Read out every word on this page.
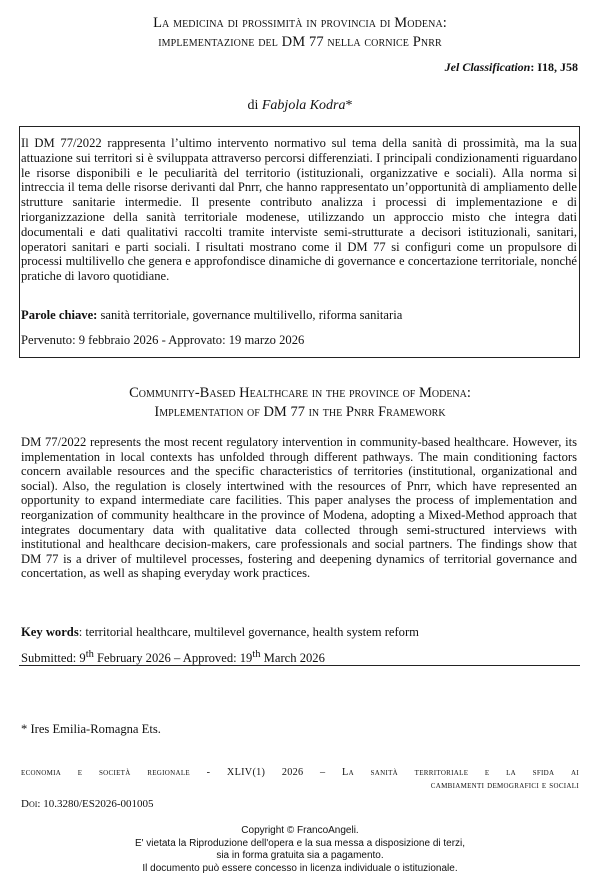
La medicina di prossimità in provincia di Modena:
implementazione del DM 77 nella cornice Pnrr
Jel Classification: I18, J58
di Fabjola Kodra*

Il DM 77/2022 rappresenta l’ultimo intervento normativo sul tema della sanità di prossimità, ma la sua attuazione sui territori si è sviluppata attraverso percorsi differenziati. I principali condizionamenti riguardano le risorse disponibili e le peculiarità del territorio (istituzionali, organizzative e sociali). Alla norma si intreccia il tema delle risorse derivanti dal Pnrr, che hanno rappresentato un’opportunità di ampliamento delle strutture sanitarie intermedie. Il presente contributo analizza i processi di implementazione e di riorganizzazione della sanità territoriale modenese, utilizzando un approccio misto che integra dati documentali e dati qualitativi raccolti tramite interviste semi-strutturate a decisori istituzionali, sanitari, operatori sanitari e parti sociali. I risultati mostrano come il DM 77 si configuri come un propulsore di processi multilivello che genera e approfondisce dinamiche di governance e concertazione territoriale, nonché pratiche di lavoro quotidiane.

Parole chiave: sanità territoriale, governance multilivello, riforma sanitaria
Pervenuto: 9 febbraio 2026 - Approvato: 19 marzo 2026
Community-Based Healthcare in the province of Modena:
Implementation of DM 77 in the Pnrr Framework

DM 77/2022 represents the most recent regulatory intervention in community-based healthcare. However, its implementation in local contexts has unfolded through different pathways. The main conditioning factors concern available resources and the specific characteristics of territories (institutional, organizational and social). Also, the regulation is closely intertwined with the resources of Pnrr, which have represented an opportunity to expand intermediate care facilities. This paper analyses the process of implementation and reorganization of community healthcare in the province of Modena, adopting a Mixed-Method approach that integrates documentary data with qualitative data collected through semi-structured interviews with institutional and healthcare decision-makers, care professionals and social partners. The findings show that DM 77 is a driver of multilevel processes, fostering and deepening dynamics of territorial governance and concertation, as well as shaping everyday work practices.

Key words: territorial healthcare, multilevel governance, health system reform
Submitted: 9th February 2026 – Approved: 19th March 2026
* Ires Emilia-Romagna Ets.
economia e società regionale - XLIV(1) 2026 – La sanità territoriale e la sfida ai
cambiamenti demografici e sociali
Doi: 10.3280/ES2026-001005
Copyright © FrancoAngeli.
E' vietata la Riproduzione dell'opera e la sua messa a disposizione di terzi,
sia in forma gratuita sia a pagamento.
Il documento può essere concesso in licenza individuale o istituzionale.
